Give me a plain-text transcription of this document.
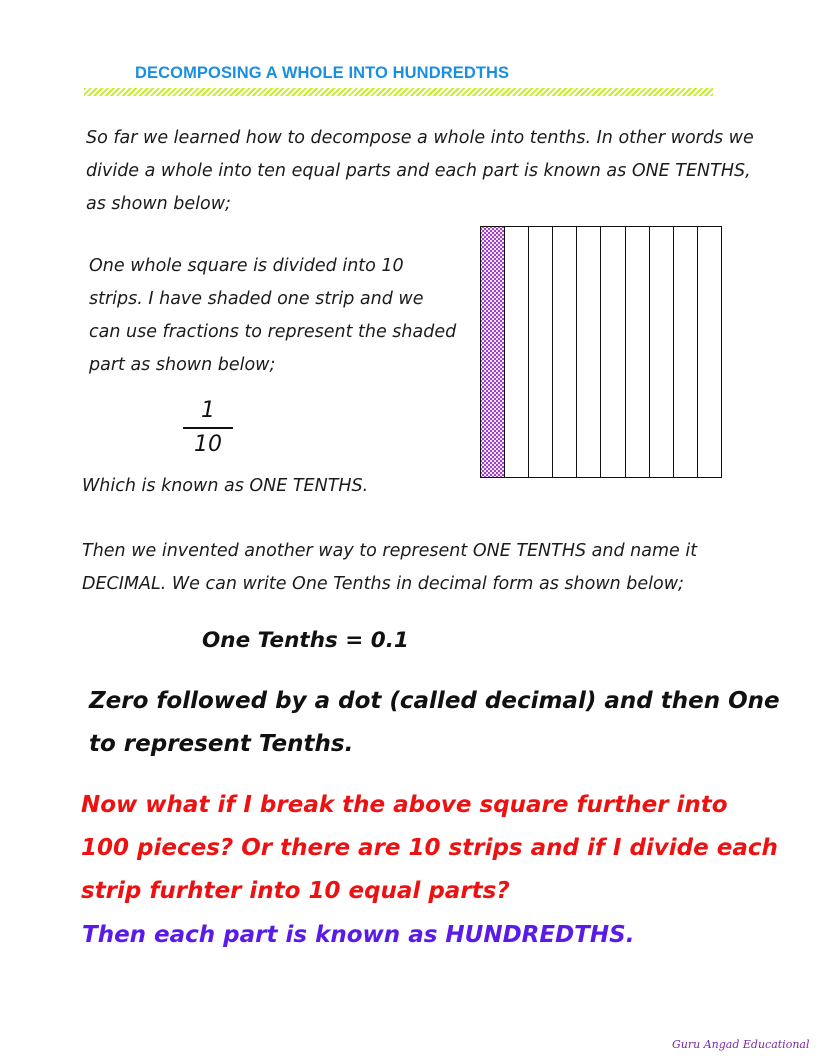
DECOMPOSING A WHOLE INTO HUNDREDTHS
So far we learned how to decompose a whole into tenths. In other words we divide a whole into ten equal parts and each part is known as ONE TENTHS, as shown below;
One whole square is divided into 10 strips. I have shaded one strip and we can use fractions to represent the shaded part as shown below;
1
10
Which is known as ONE TENTHS.
Then we invented another way to represent ONE TENTHS and name it DECIMAL. We can write One Tenths in decimal form as shown below;
One Tenths = 0.1
Zero followed by a dot (called decimal) and then One to represent Tenths.
Now what if I break the above square further into 100 pieces? Or there are 10 strips and if I divide each strip furhter into 10 equal parts?
Then each part is known as HUNDREDTHS.
Guru Angad Educational
